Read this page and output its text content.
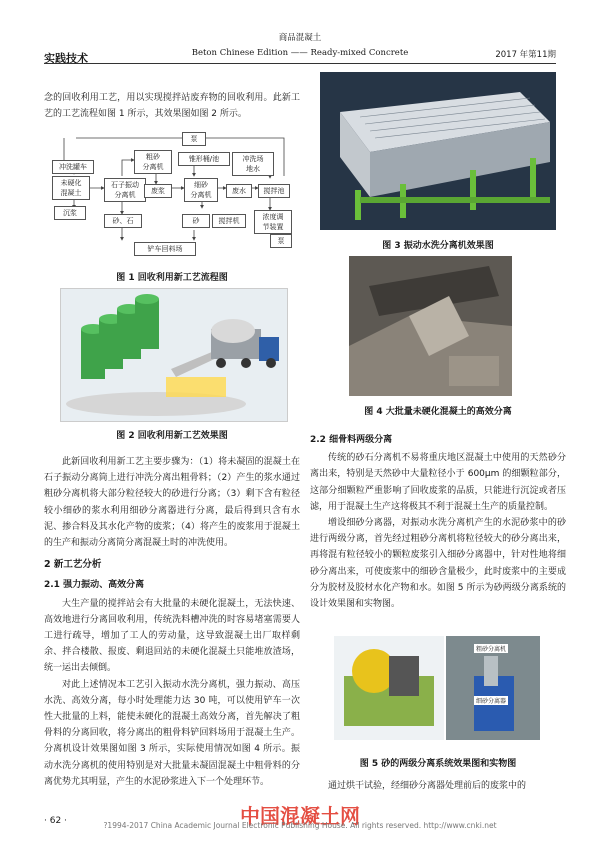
商品混凝土
实践技术	Beton Chinese Edition —— Ready-mixed Concrete	2017 年第11期

念的回收利用工艺，用以实现搅拌站废弃物的回收利用。此新工艺的工艺流程如图 1 所示，其效果图如图 2 所示。

泵
冲洗罐车
未硬化
混凝土
沉浆
石子振动
分离机
粗砂
分离机
锥形桶/池	冲洗场
地水
废浆
细砂
分离机	废水	搅拌池
砂、石	砂	搅拌机	浓度调
节装置
泵
铲车回料场
图 1 回收利用新工艺流程图
图 2 回收利用新工艺效果图

此新回收利用新工艺主要步骤为：（1）将未凝固的混凝土在石子振动分离筒上进行冲洗分离出粗骨料；（2）产生的浆水通过粗砂分离机将大部分粒径较大的砂进行分离；（3）剩下含有粒径较小细砂的浆水利用细砂分离器进行分离，最后得到只含有水泥、掺合料及其水化产物的废浆；（4）将产生的废浆用于混凝土的生产和振动分离筒分离混凝土时的冲洗使用。

2 新工艺分析
2.1 强力振动、高效分离

大生产量的搅拌站会有大批量的未硬化混凝土，无法快速、高效地进行分离回收利用，传统洗料槽冲洗的时容易堵塞需要人工进行疏导，增加了工人的劳动量，这导致混凝土出厂取样剩余、拌合楼散、报废、剩退回站的未硬化混凝土只能堆放渣场，统一运出去倾倒。

对此上述情况本工艺引入振动水洗分离机，强力振动、高压水洗、高效分离，每小时处理能力达 30 吨，可以使用铲车一次性大批量的上料，能使未硬化的混凝土高效分离，首先解决了粗骨料的分离回收，将分离出的粗骨料铲回料场用于混凝土生产。分离机设计效果图如图 3 所示，实际使用情况如图 4 所示。振动水洗分离机的使用特别是对大批量未凝固混凝土中粗骨料的分离优势尤其明显，产生的水泥砂浆进入下一个处理环节。

图 3 振动水洗分离机效果图
图 4 大批量未硬化混凝土的高效分离
2.2 细骨料两级分离

传统的砂石分离机不易将重庆地区混凝土中使用的天然砂分离出来，特别是天然砂中大量粒径小于 600μm 的细颗粒部分，这部分细颗粒严重影响了回收废浆的品质，只能进行沉淀或者压滤，用于混凝土生产这将极其不利于混凝土生产的质量控制。

增设细砂分离器，对振动水洗分离机产生的水泥砂浆中的砂进行两级分离，首先经过粗砂分离机将粒径较大的砂分离出来，再将混有粒径较小的颗粒废浆引入细砂分离器中，针对性地将细砂分离出来，可使废浆中的细砂含量极少，此时废浆中的主要成分为胶材及胶材水化产物和水。如图 5 所示为砂两级分离系统的设计效果图和实物图。

粗砂分离机
细砂分离器
图 5 砂的两级分离系统效果图和实物图

通过烘干试验，经细砂分离器处理前后的废浆中的

· 62 ·	中国混凝土网
?1994-2017 China Academic Journal Electronic Publishing House. All rights reserved. http://www.cnki.net
